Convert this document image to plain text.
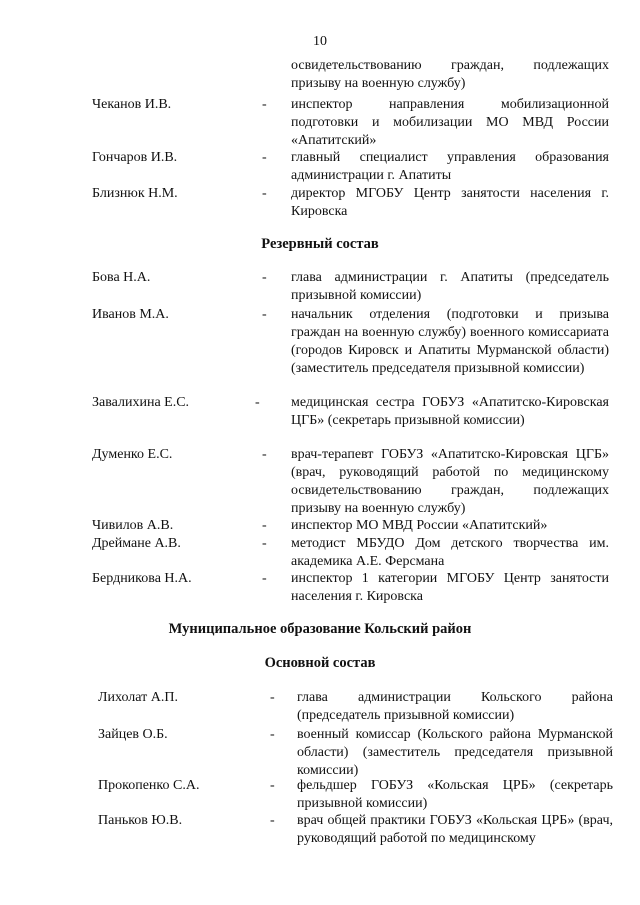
10
освидетельствованию граждан, подлежащих призыву на военную службу)
Чеканов И.В.	- инспектор направления мобилизационной подготовки и мобилизации МО МВД России «Апатитский»
Гончаров И.В.	- главный специалист управления образования администрации г. Апатиты
Близнюк Н.М.	- директор МГОБУ Центр занятости населения г. Кировска
Резервный состав
Бова Н.А.	- глава администрации г. Апатиты (председатель призывной комиссии)
Иванов М.А.	- начальник отделения (подготовки и призыва граждан на военную службу) военного комиссариата (городов Кировск и Апатиты Мурманской области) (заместитель председателя призывной комиссии)
Завалихина Е.С.	- медицинская сестра ГОБУЗ «Апатитско-Кировская ЦГБ» (секретарь призывной комиссии)
Думенко Е.С.	- врач-терапевт ГОБУЗ «Апатитско-Кировская ЦГБ» (врач, руководящий работой по медицинскому освидетельствованию граждан, подлежащих призыву на военную службу)
Чивилов А.В.	- инспектор МО МВД России «Апатитский»
Дреймане А.В.	- методист МБУДО Дом детского творчества им. академика А.Е. Ферсмана
Бердникова Н.А.	- инспектор 1 категории МГОБУ Центр занятости населения г. Кировска
Муниципальное образование Кольский район
Основной состав
Лихолат А.П.	- глава администрации Кольского района (председатель призывной комиссии)
Зайцев О.Б.	- военный комиссар (Кольского района Мурманской области) (заместитель председателя призывной комиссии)
Прокопенко С.А.	- фельдшер ГОБУЗ «Кольская ЦРБ» (секретарь призывной комиссии)
Паньков Ю.В.	- врач общей практики ГОБУЗ «Кольская ЦРБ» (врач, руководящий работой по медицинскому
